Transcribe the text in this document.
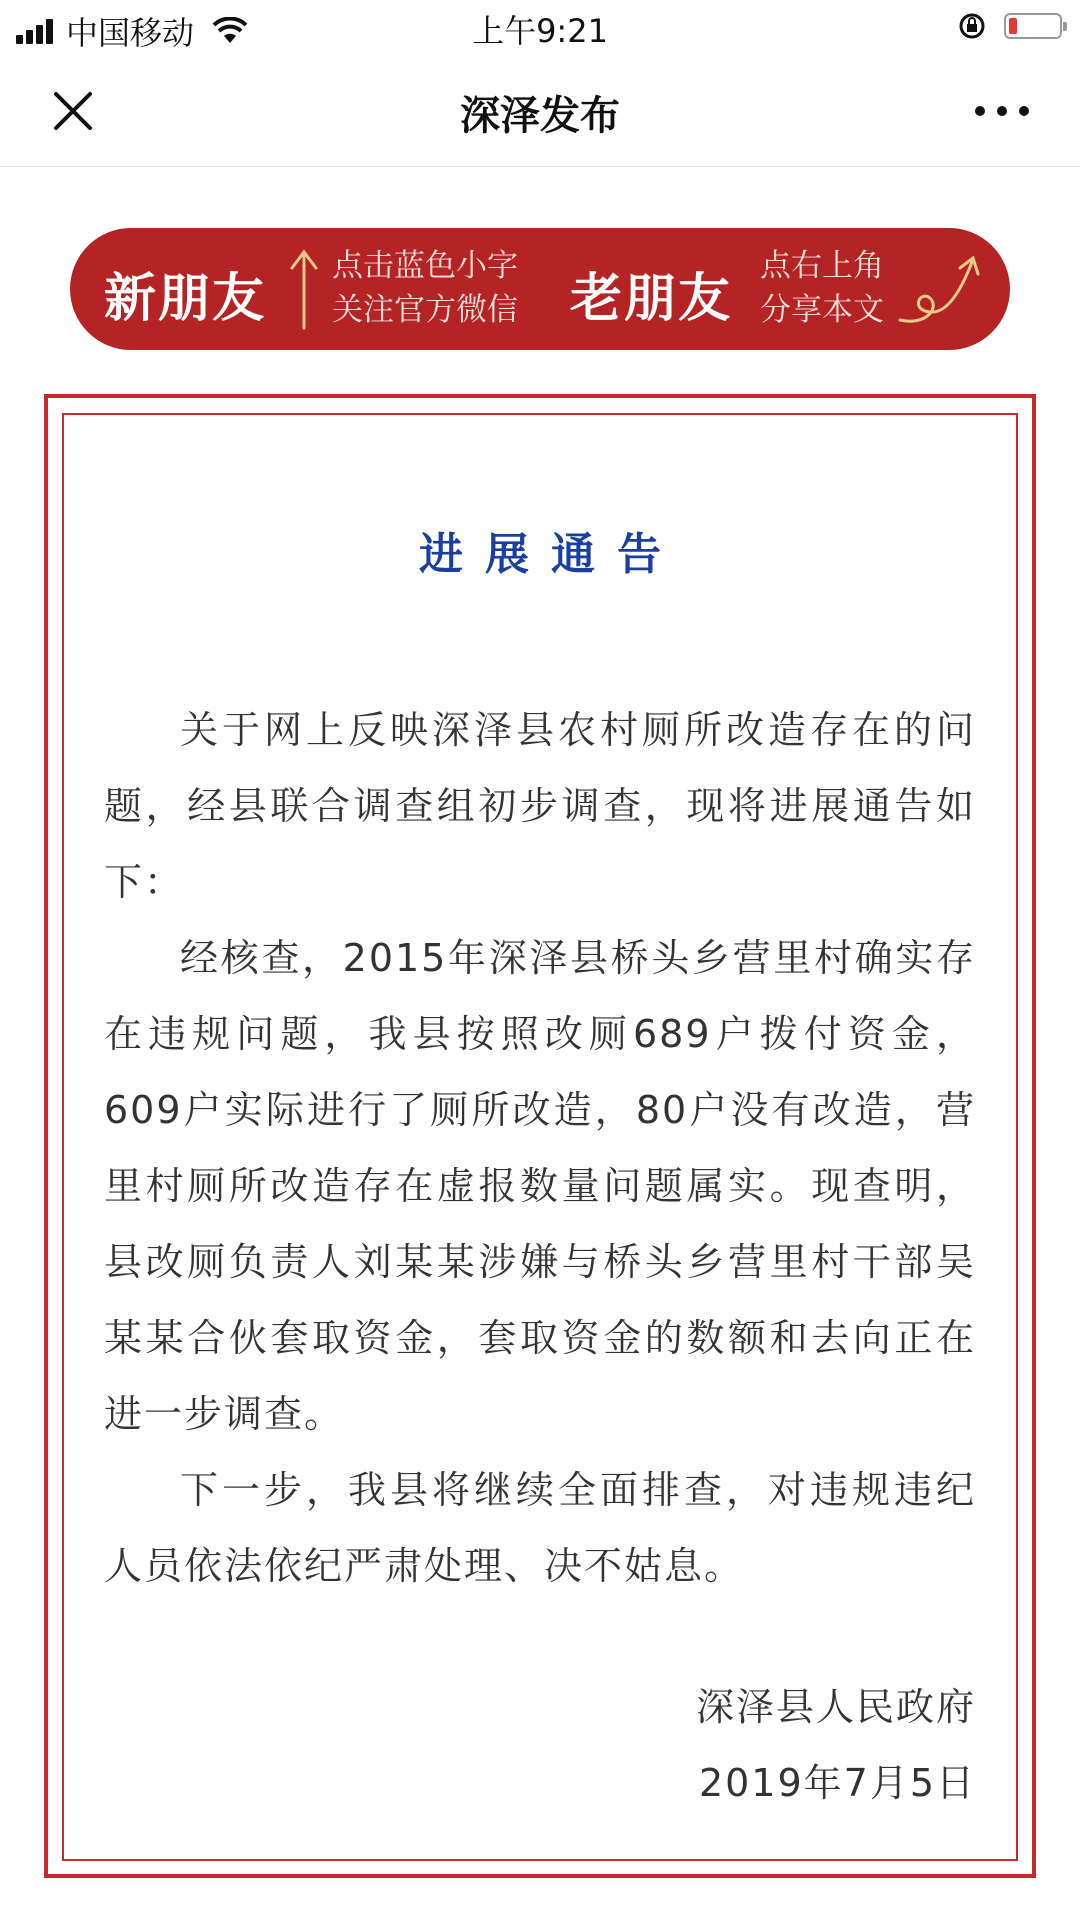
中国移动	上午9:21
深泽发布
新朋友
点击蓝色小字
关注官方微信 老朋友
点右上角
分享本文
进展通告

关于网上反映深泽县农村厕所改造存在的问题，经县联合调查组初步调查，现将进展通告如下：

经核查，2015年深泽县桥头乡营里村确实存在违规问题，我县按照改厕689户拨付资金，609户实际进行了厕所改造，80户没有改造，营里村厕所改造存在虚报数量问题属实。现查明，县改厕负责人刘某某涉嫌与桥头乡营里村干部吴某某合伙套取资金，套取资金的数额和去向正在进一步调查。

下一步，我县将继续全面排查，对违规违纪人员依法依纪严肃处理、决不姑息。

深泽县人民政府
2019年7月5日
